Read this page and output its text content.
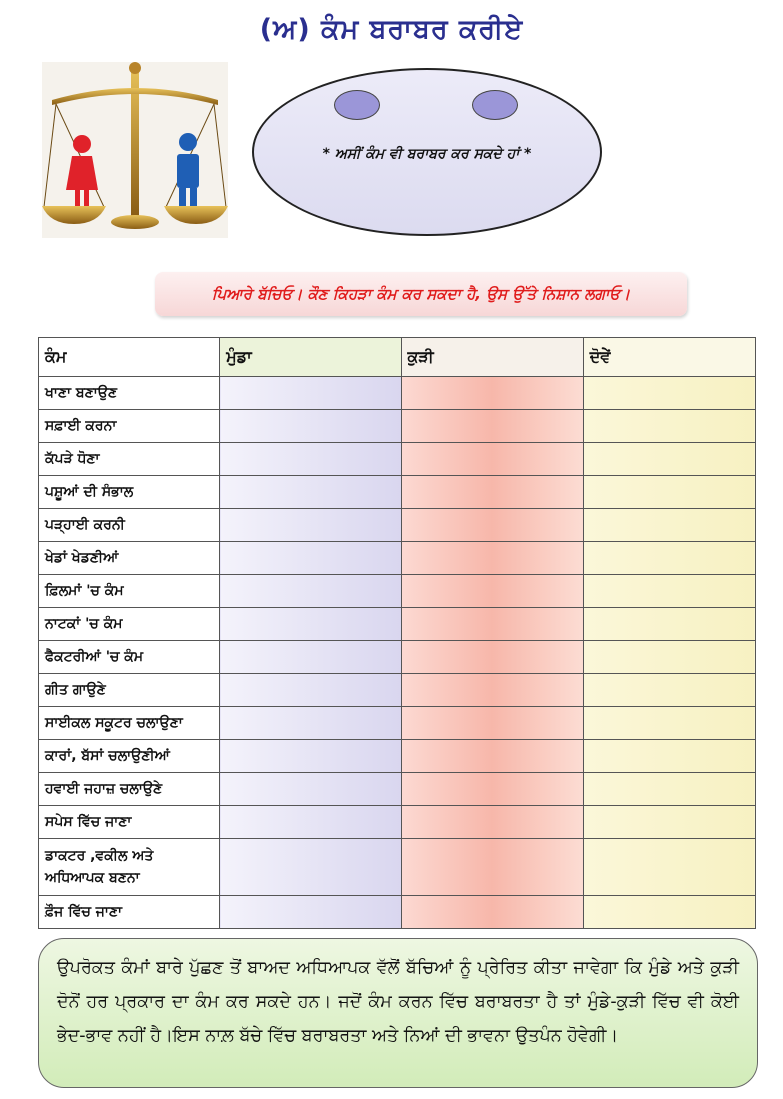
(ਅ) ਕੰਮ ਬਰਾਬਰ ਕਰੀਏ
* ਅਸੀਂ ਕੰਮ ਵੀ ਬਰਾਬਰ ਕਰ ਸਕਦੇ ਹਾਂ *
ਪਿਆਰੇ ਬੱਚਿਓ। ਕੌਣ ਕਿਹੜਾ ਕੰਮ ਕਰ ਸਕਦਾ ਹੈ, ਉਸ ਉੱਤੇ ਨਿਸ਼ਾਨ ਲਗਾਓ।
ਕੰਮ	ਮੁੰਡਾ	ਕੁੜੀ	ਦੋਵੇਂ
ਖਾਣਾ ਬਣਾਉਣ			
ਸਫ਼ਾਈ ਕਰਨਾ			
ਕੱਪੜੇ ਧੋਣਾ			
ਪਸ਼ੂਆਂ ਦੀ ਸੰਭਾਲ			
ਪੜ੍ਹਾਈ ਕਰਨੀ			
ਖੇਡਾਂ ਖੇਡਣੀਆਂ			
ਫ਼ਿਲਮਾਂ 'ਚ ਕੰਮ			
ਨਾਟਕਾਂ 'ਚ ਕੰਮ			
ਫੈਕਟਰੀਆਂ 'ਚ ਕੰਮ			
ਗੀਤ ਗਾਉਣੇ			
ਸਾਈਕਲ ਸਕੂਟਰ ਚਲਾਉਣਾ			
ਕਾਰਾਂ, ਬੱਸਾਂ ਚਲਾਉਣੀਆਂ			
ਹਵਾਈ ਜਹਾਜ਼ ਚਲਾਉਣੇ			
ਸਪੇਸ ਵਿੱਚ ਜਾਣਾ			
ਡਾਕਟਰ ,ਵਕੀਲ ਅਤੇ ਅਧਿਆਪਕ ਬਣਨਾ			
ਫ਼ੌਜ ਵਿੱਚ ਜਾਣਾ			
ਉਪਰੋਕਤ ਕੰਮਾਂ ਬਾਰੇ ਪੁੱਛਣ ਤੋਂ ਬਾਅਦ ਅਧਿਆਪਕ ਵੱਲੋਂ ਬੱਚਿਆਂ ਨੂੰ ਪ੍ਰੇਰਿਤ ਕੀਤਾ ਜਾਵੇਗਾ ਕਿ ਮੁੰਡੇ ਅਤੇ ਕੁੜੀ ਦੋਨੋਂ ਹਰ ਪ੍ਰਕਾਰ ਦਾ ਕੰਮ ਕਰ ਸਕਦੇ ਹਨ। ਜਦੋਂ ਕੰਮ ਕਰਨ ਵਿੱਚ ਬਰਾਬਰਤਾ ਹੈ ਤਾਂ ਮੁੰਡੇ-ਕੁੜੀ ਵਿੱਚ ਵੀ ਕੋਈ ਭੇਦ-ਭਾਵ ਨਹੀਂ ਹੈ।ਇਸ ਨਾਲ਼ ਬੱਚੇ ਵਿੱਚ ਬਰਾਬਰਤਾ ਅਤੇ ਨਿਆਂ ਦੀ ਭਾਵਨਾ ਉਤਪੰਨ ਹੋਵੇਗੀ।
